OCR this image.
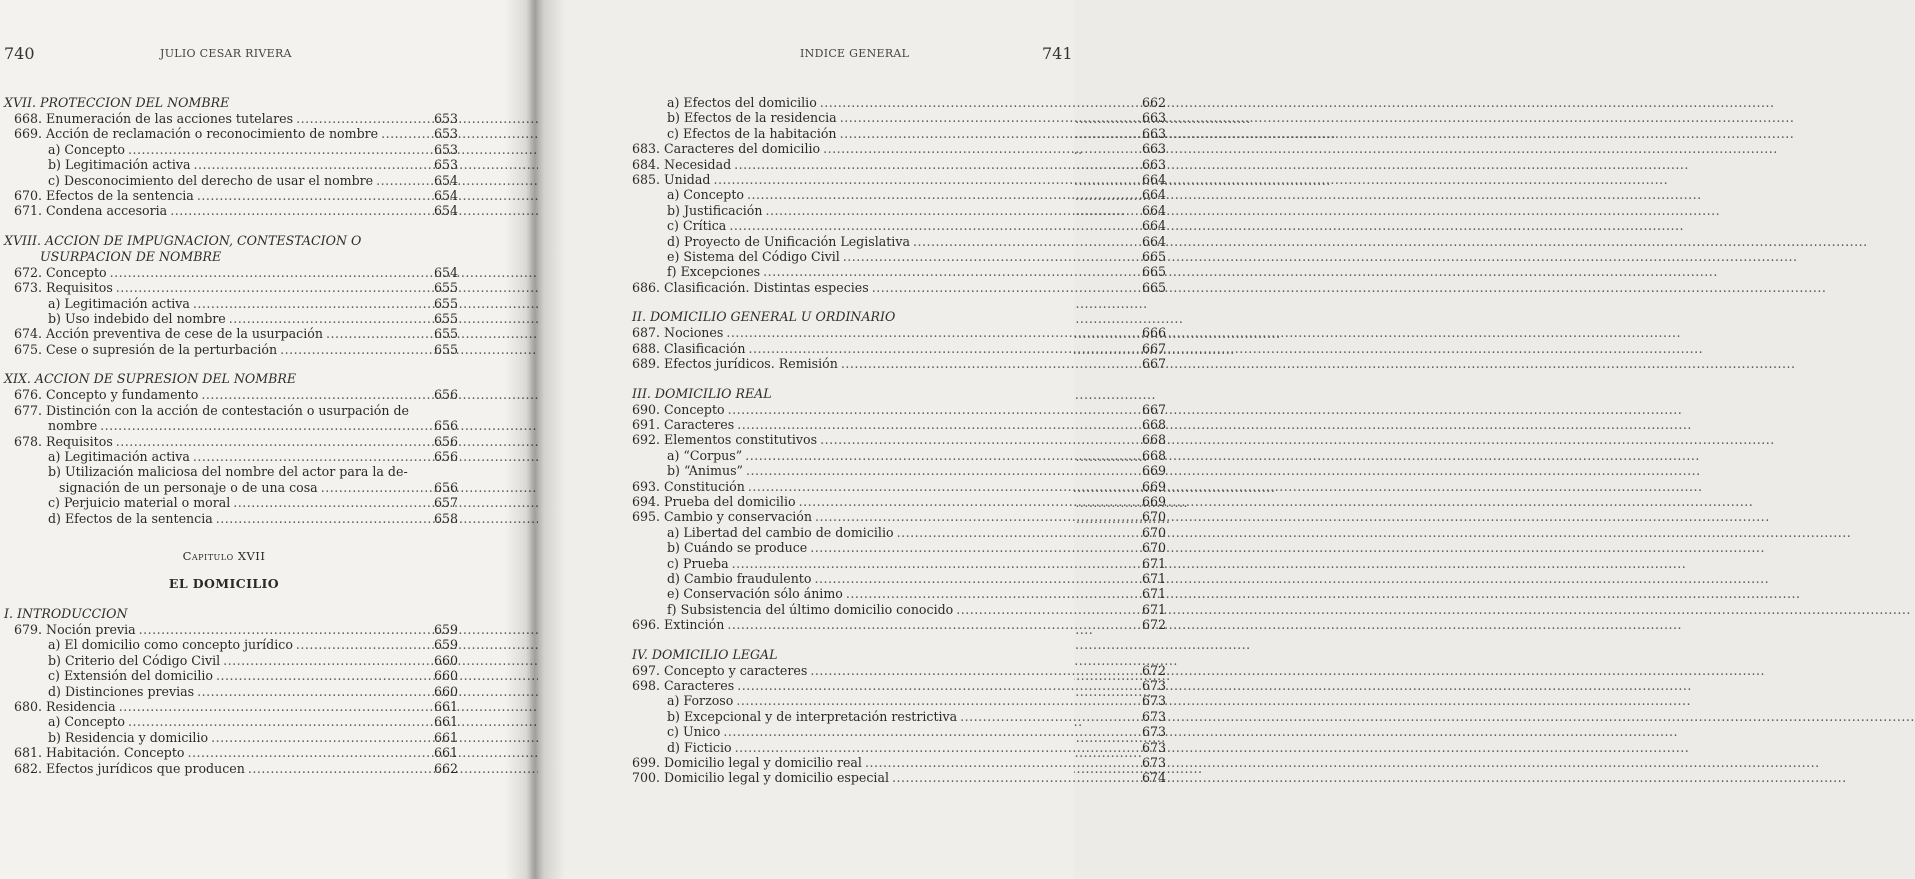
740	JULIO CESAR RIVERA
XVII. PROTECCION DEL NOMBRE
668. Enumeración de las acciones tutelares .....	653
669. Acción de reclamación o reconocimiento de nombre .....	653
a) Concepto .....	653
b) Legitimación activa .....	653
c) Desconocimiento del derecho de usar el nombre .....	654
670. Efectos de la sentencia .....	654
671. Condena accesoria .....	654
XVIII. ACCION DE IMPUGNACION, CONTESTACION O
USURPACION DE NOMBRE
672. Concepto .....	654
673. Requisitos .....	655
a) Legitimación activa .....	655
b) Uso indebido del nombre .....	655
674. Acción preventiva de cese de la usurpación .....	655
675. Cese o supresión de la perturbación .....	655
XIX. ACCION DE SUPRESION DEL NOMBRE
676. Concepto y fundamento .....	656
677. Distinción con la acción de contestación o usurpación de
nombre .....	656
678. Requisitos .....	656
a) Legitimación activa .....	656
b) Utilización maliciosa del nombre del actor para la de-
signación de un personaje o de una cosa .....	656
c) Perjuicio material o moral .....	657
d) Efectos de la sentencia .....	658
Capitulo XVII
EL DOMICILIO
I. INTRODUCCION
679. Noción previa .....	659
a) El domicilio como concepto jurídico .....	659
b) Criterio del Código Civil .....	660
c) Extensión del domicilio .....	660
d) Distinciones previas .....	660
680. Residencia .....	661
a) Concepto .....	661
b) Residencia y domicilio .....	661
681. Habitación. Concepto .....	661
682. Efectos jurídicos que producen .....	662
INDICE GENERAL	741
a) Efectos del domicilio .....	662
b) Efectos de la residencia .....	663
c) Efectos de la habitación .....	663
683. Caracteres del domicilio .....	663
684. Necesidad .....	663
685. Unidad .....	664
a) Concepto .....	664
b) Justificación .....	664
c) Crítica .....	664
d) Proyecto de Unificación Legislativa .....	664
e) Sistema del Código Civil .....	665
f) Excepciones .....	665
686. Clasificación. Distintas especies .....	665
II. DOMICILIO GENERAL U ORDINARIO
687. Nociones .....	666
688. Clasificación .....	667
689. Efectos jurídicos. Remisión .....	667
III. DOMICILIO REAL
690. Concepto .....	667
691. Caracteres .....	668
692. Elementos constitutivos .....	668
a) “Corpus” .....	668
b) “Animus” .....	669
693. Constitución .....	669
694. Prueba del domicilio .....	669
695. Cambio y conservación .....	670
a) Libertad del cambio de domicilio .....	670
b) Cuándo se produce .....	670
c) Prueba .....	671
d) Cambio fraudulento .....	671
e) Conservación sólo ánimo .....	671
f) Subsistencia del último domicilio conocido .....	671
696. Extinción .....	672
IV. DOMICILIO LEGAL
697. Concepto y caracteres .....	672
698. Caracteres .....	673
a) Forzoso .....	673
b) Excepcional y de interpretación restrictiva .....	673
c) Unico .....	673
d) Ficticio .....	673
699. Domicilio legal y domicilio real .....	673
700. Domicilio legal y domicilio especial .....	674
